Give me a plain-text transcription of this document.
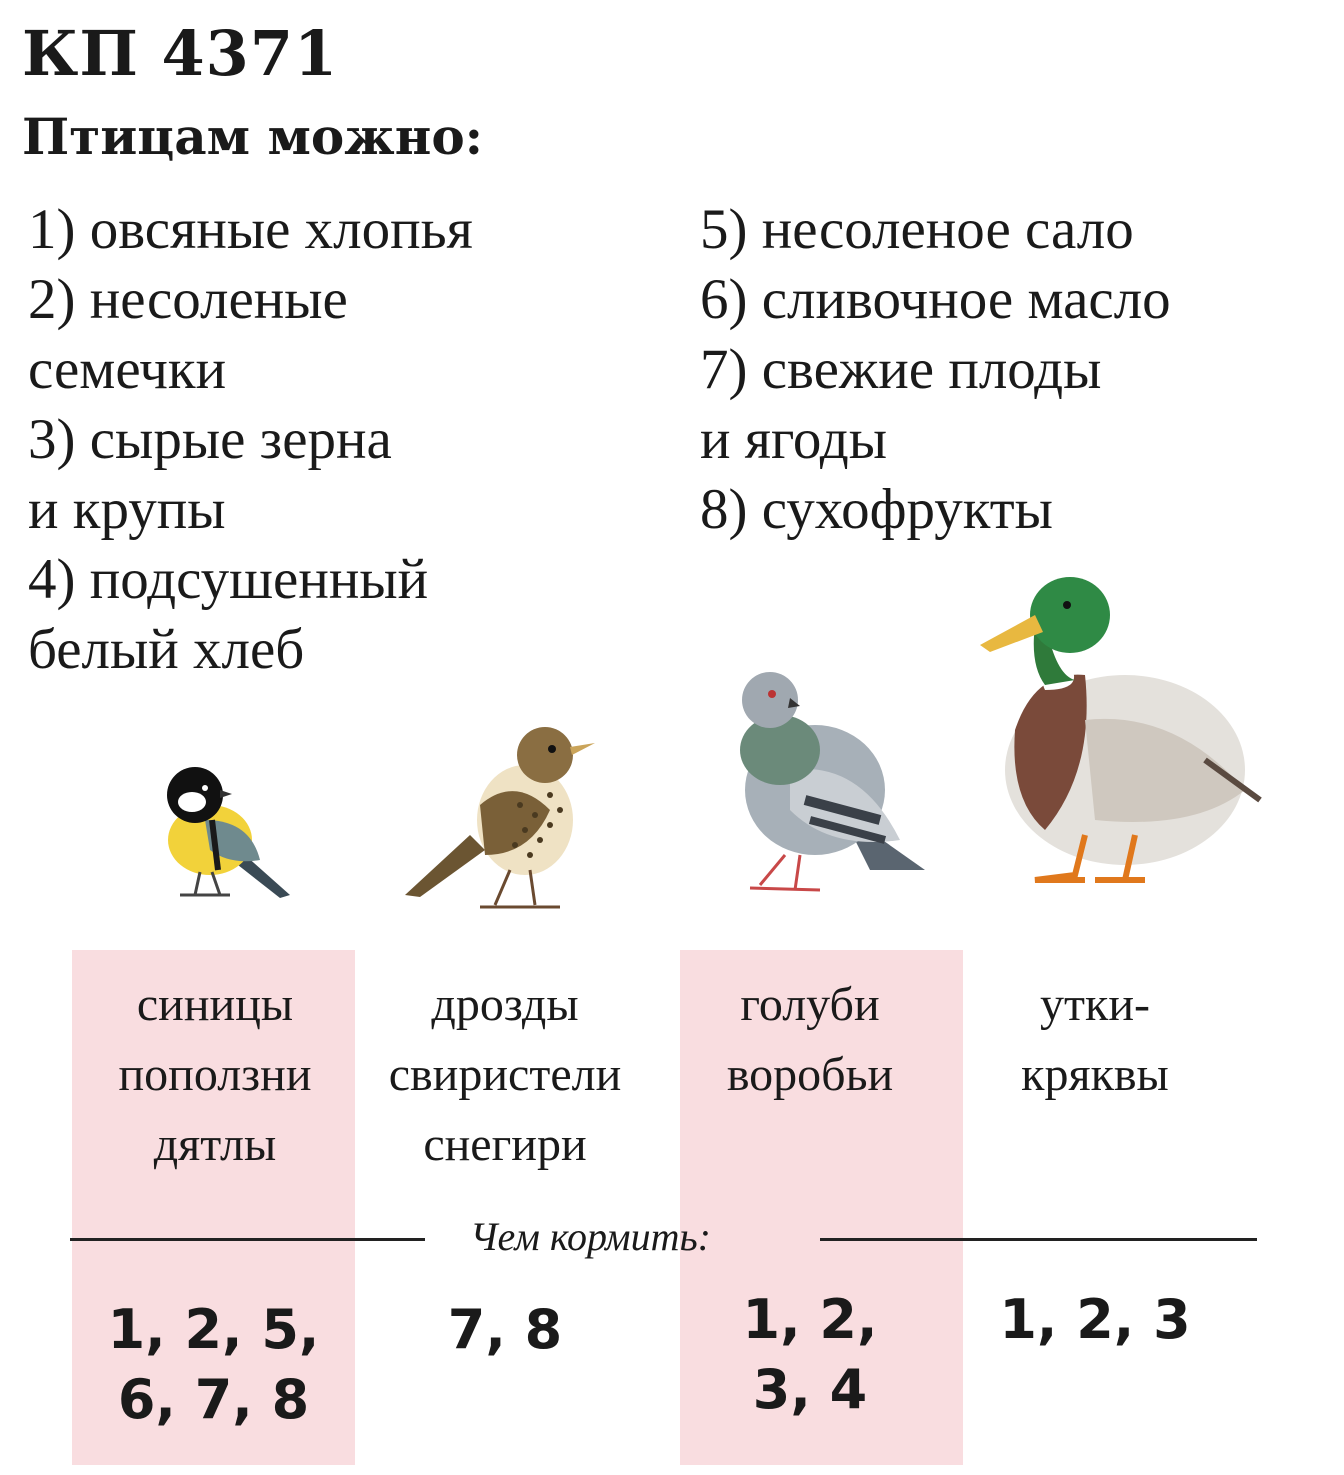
КП 4371
Птицам можно:
1) овсяные хлопья
2) несоленые
семечки
3) сырые зерна
и крупы
4) подсушенный
белый хлеб
5) несоленое сало
6) сливочное масло
7) свежие плоды
и ягоды
8) сухофрукты
синицы
поползни
дятлы
дрозды
свиристели
снегири
голуби
воробьи
утки-
кряквы
Чем кормить:
1, 2, 5,
6, 7, 8
7, 8	1, 2,
3, 4
1, 2, 3
